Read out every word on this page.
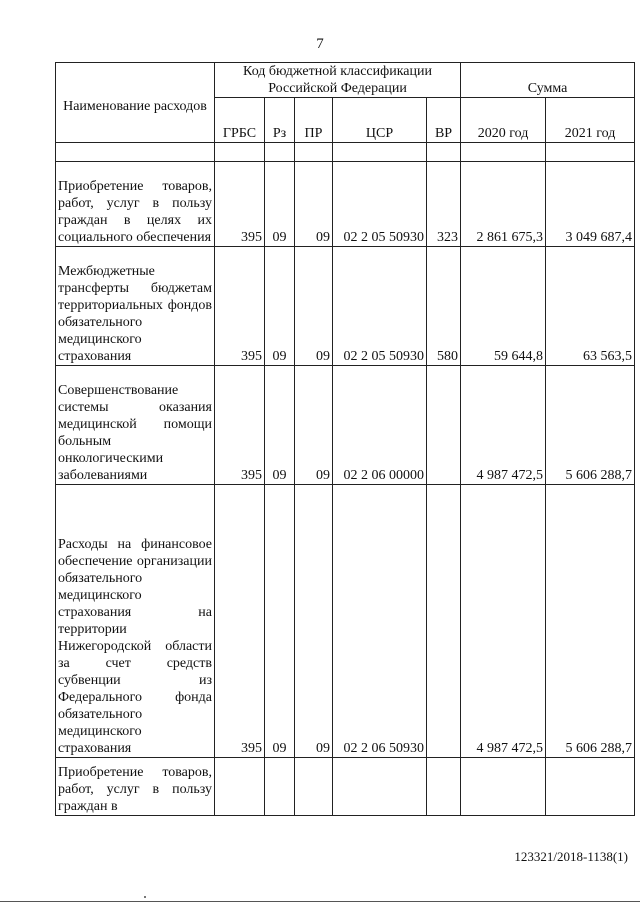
7
Наименование расходов	Код бюджетной классификации Российской Федерации					Сумма	
	ГРБС	Рз	ПР	ЦСР	ВР	2020 год	2021 год

Приобретение товаров, работ, услуг в пользу граждан в целях их социального обеспечения	395	09	09	02 2 05 50930	323	2 861 675,3	3 049 687,4
Межбюджетные трансферты бюджетам территориальных фондов обязательного медицинского страхования	395	09	09	02 2 05 50930	580	59 644,8	63 563,5
Совершенствование системы оказания медицинской помощи больным онкологическими заболеваниями	395	09	09	02 2 06 00000		4 987 472,5	5 606 288,7
Расходы на финансовое обеспечение организации обязательного медицинского страхования на территории Нижегородской области за счет средств субвенции из Федерального фонда обязательного медицинского страхования	395	09	09	02 2 06 50930		4 987 472,5	5 606 288,7
Приобретение товаров, работ, услуг в пользу граждан в							
123321/2018-1138(1)
